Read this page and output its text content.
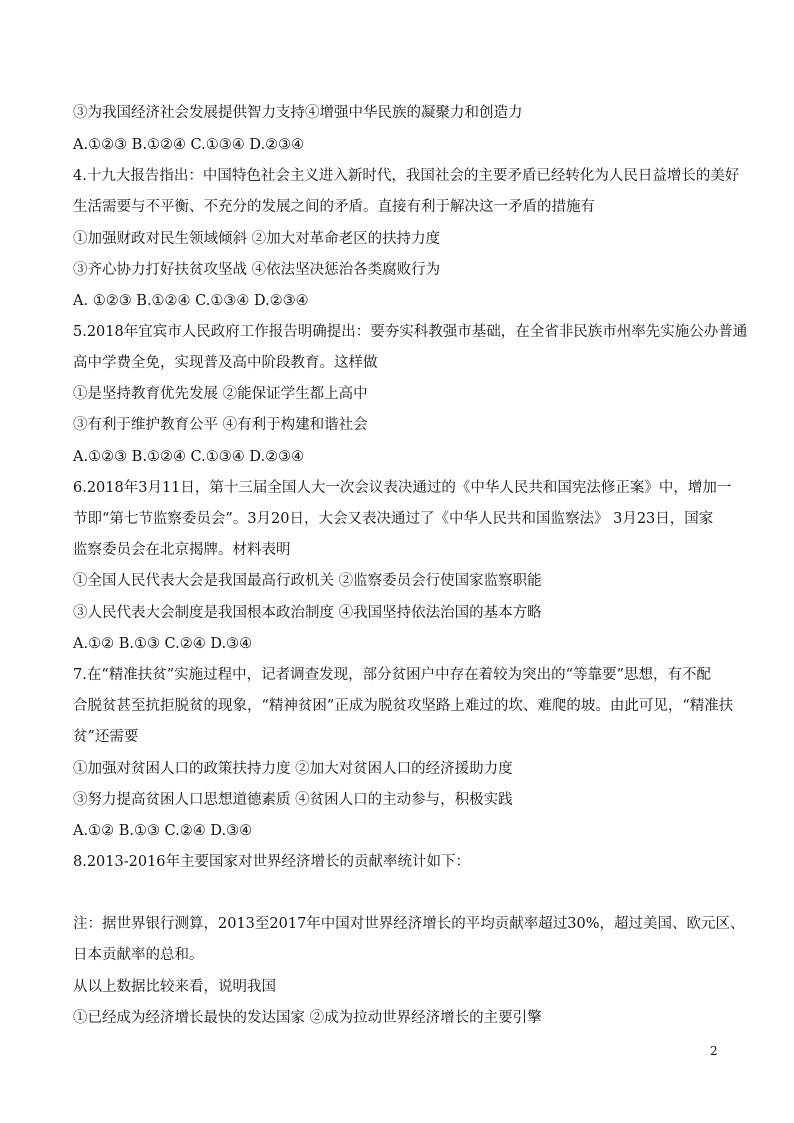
③为我国经济社会发展提供智力支持④增强中华民族的凝聚力和创造力
A.①②③ B.①②④ C.①③④ D.②③④
4.十九大报告指出：中国特色社会主义进入新时代，我国社会的主要矛盾已经转化为人民日益增长的美好
生活需要与不平衡、不充分的发展之间的矛盾。直接有利于解决这一矛盾的措施有
①加强财政对民生领域倾斜 ②加大对革命老区的扶持力度
③齐心协力打好扶贫攻坚战 ④依法坚决惩治各类腐败行为
A. ①②③ B.①②④ C.①③④ D.②③④
5.2018年宜宾市人民政府工作报告明确提出：要夯实科教强市基础，在全省非民族市州率先实施公办普通
高中学费全免，实现普及高中阶段教育。这样做
①是坚持教育优先发展 ②能保证学生都上高中
③有利于维护教育公平 ④有利于构建和谐社会
A.①②③ B.①②④ C.①③④ D.②③④
6.2018年3月11日，第十三届全国人大一次会议表决通过的《中华人民共和国宪法修正案》中，增加一
节即“第七节监察委员会”。3月20日，大会又表决通过了《中华人民共和国监察法》 3月23日，国家
监察委员会在北京揭牌。材料表明
①全国人民代表大会是我国最高行政机关 ②监察委员会行使国家监察职能
③人民代表大会制度是我国根本政治制度 ④我国坚持依法治国的基本方略
A.①② B.①③ C.②④ D.③④
7.在“精准扶贫”实施过程中，记者调查发现，部分贫困户中存在着较为突出的“等靠要”思想，有不配
合脱贫甚至抗拒脱贫的现象，“精神贫困”正成为脱贫攻坚路上难过的坎、难爬的坡。由此可见，“精准扶
贫”还需要
①加强对贫困人口的政策扶持力度 ②加大对贫困人口的经济援助力度
③努力提高贫困人口思想道德素质 ④贫困人口的主动参与，积极实践
A.①② B.①③ C.②④ D.③④
8.2013-2016年主要国家对世界经济增长的贡献率统计如下：
注：据世界银行测算，2013至2017年中国对世界经济增长的平均贡献率超过30%，超过美国、欧元区、
日本贡献率的总和。
从以上数据比较来看，说明我国
①已经成为经济增长最快的发达国家 ②成为拉动世界经济增长的主要引擎
2
